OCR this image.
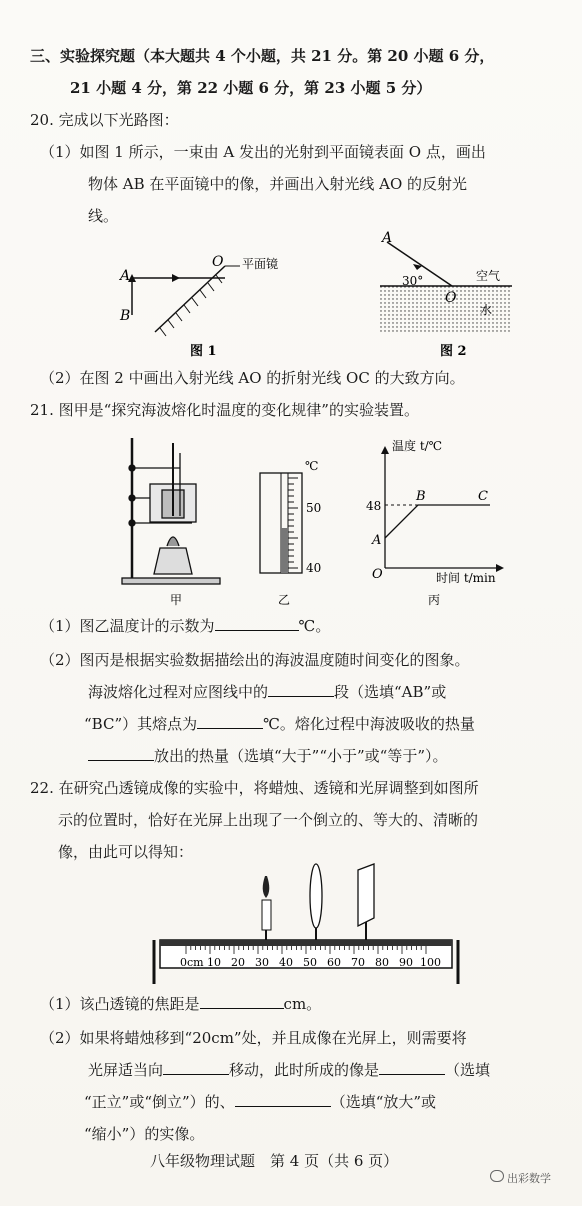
三、实验探究题（本大题共 4 个小题，共 21 分。第 20 小题 6 分，
21 小题 4 分，第 22 小题 6 分，第 23 小题 5 分）
20. 完成以下光路图：
（1）如图 1 所示，一束由 A 发出的光射到平面镜表面 O 点，画出
物体 AB 在平面镜中的像，并画出入射光线 AO 的反射光
线。
A
B
O 平面镜
图 1
A
30°
O
空气
水
图 2
（2）在图 2 中画出入射光线 AO 的折射光线 OC 的大致方向。
21. 图甲是“探究海波熔化时温度的变化规律”的实验装置。
甲
℃
50
40
乙
温度 t/℃
48
A
B	C
O	时间 t/min
丙
（1）图乙温度计的示数为	℃。
（2）图丙是根据实验数据描绘出的海波温度随时间变化的图象。
海波熔化过程对应图线中的	段（选填“AB”或
“BC”）其熔点为	℃。熔化过程中海波吸收的热量
放出的热量（选填“大于”“小于”或“等于”）。
22. 在研究凸透镜成像的实验中，将蜡烛、透镜和光屏调整到如图所
示的位置时，恰好在光屏上出现了一个倒立的、等大的、清晰的
像，由此可以得知：
0cm 10 20 30 40 50 60 70 80 90 100
（1）该凸透镜的焦距是	cm。
（2）如果将蜡烛移到“20cm”处，并且成像在光屏上，则需要将
光屏适当向	移动，此时所成的像是	（选填
“正立”或“倒立”）的、	（选填“放大”或
“缩小”）的实像。
八年级物理试题　第 4 页（共 6 页）
出彩数学
